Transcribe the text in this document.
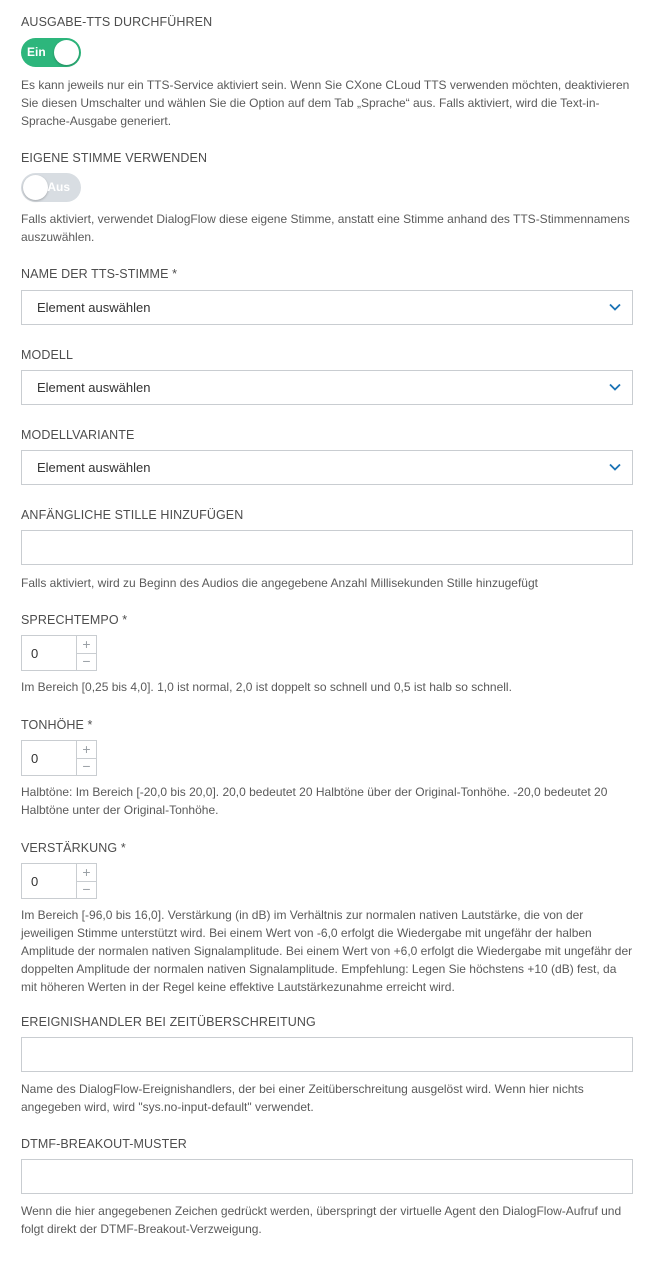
AUSGABE-TTS DURCHFÜHREN
Ein
Es kann jeweils nur ein TTS-Service aktiviert sein. Wenn Sie CXone CLoud TTS verwenden möchten, deaktivieren Sie diesen Umschalter und wählen Sie die Option auf dem Tab „Sprache“ aus. Falls aktiviert, wird die Text-in-Sprache-Ausgabe generiert.
EIGENE STIMME VERWENDEN
Aus
Falls aktiviert, verwendet DialogFlow diese eigene Stimme, anstatt eine Stimme anhand des TTS-Stimmennamens auszuwählen.
NAME DER TTS-STIMME *
Element auswählen
MODELL
Element auswählen
MODELLVARIANTE
Element auswählen
ANFÄNGLICHE STILLE HINZUFÜGEN
Falls aktiviert, wird zu Beginn des Audios die angegebene Anzahl Millisekunden Stille hinzugefügt
SPRECHTEMPO *
0
+
−
Im Bereich [0,25 bis 4,0]. 1,0 ist normal, 2,0 ist doppelt so schnell und 0,5 ist halb so schnell.
TONHÖHE *
0
+
−
Halbtöne: Im Bereich [-20,0 bis 20,0]. 20,0 bedeutet 20 Halbtöne über der Original-Tonhöhe. -20,0 bedeutet 20 Halbtöne unter der Original-Tonhöhe.
VERSTÄRKUNG *
0
+
−
Im Bereich [-96,0 bis 16,0]. Verstärkung (in dB) im Verhältnis zur normalen nativen Lautstärke, die von der jeweiligen Stimme unterstützt wird. Bei einem Wert von -6,0 erfolgt die Wiedergabe mit ungefähr der halben Amplitude der normalen nativen Signalamplitude. Bei einem Wert von +6,0 erfolgt die Wiedergabe mit ungefähr der doppelten Amplitude der normalen nativen Signalamplitude. Empfehlung: Legen Sie höchstens +10 (dB) fest, da mit höheren Werten in der Regel keine effektive Lautstärkezunahme erreicht wird.
EREIGNISHANDLER BEI ZEITÜBERSCHREITUNG
Name des DialogFlow-Ereignishandlers, der bei einer Zeitüberschreitung ausgelöst wird. Wenn hier nichts angegeben wird, wird "sys.no-input-default" verwendet.
DTMF-BREAKOUT-MUSTER
Wenn die hier angegebenen Zeichen gedrückt werden, überspringt der virtuelle Agent den DialogFlow-Aufruf und folgt direkt der DTMF-Breakout-Verzweigung.
